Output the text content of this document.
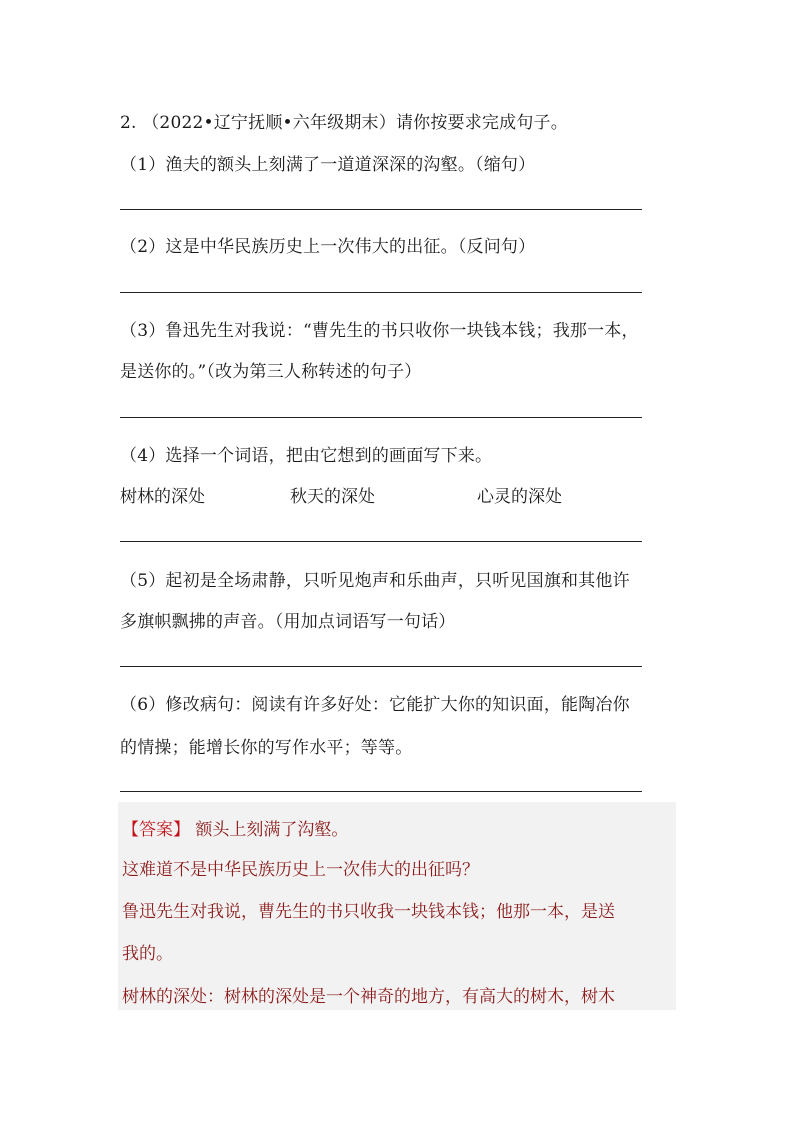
2. （2022•辽宁抚顺•六年级期末）请你按要求完成句子。
（1）渔夫的额头上刻满了一道道深深的沟壑。（缩句）
（2）这是中华民族历史上一次伟大的出征。（反问句）
（3）鲁迅先生对我说：“曹先生的书只收你一块钱本钱；我那一本，
是送你的。”（改为第三人称转述的句子）
（4）选择一个词语，把由它想到的画面写下来。
树林的深处	秋天的深处	心灵的深处
（5）起初是全场肃静，只听见炮声和乐曲声，只听见国旗和其他许
多旗帜飘拂的声音。（用加点词语写一句话）
（6）修改病句：阅读有许多好处：它能扩大你的知识面，能陶冶你
的情操；能增长你的写作水平；等等。
【答案】 额头上刻满了沟壑。
这难道不是中华民族历史上一次伟大的出征吗？
鲁迅先生对我说，曹先生的书只收我一块钱本钱；他那一本，是送
我的。
树林的深处：树林的深处是一个神奇的地方，有高大的树木，树木
